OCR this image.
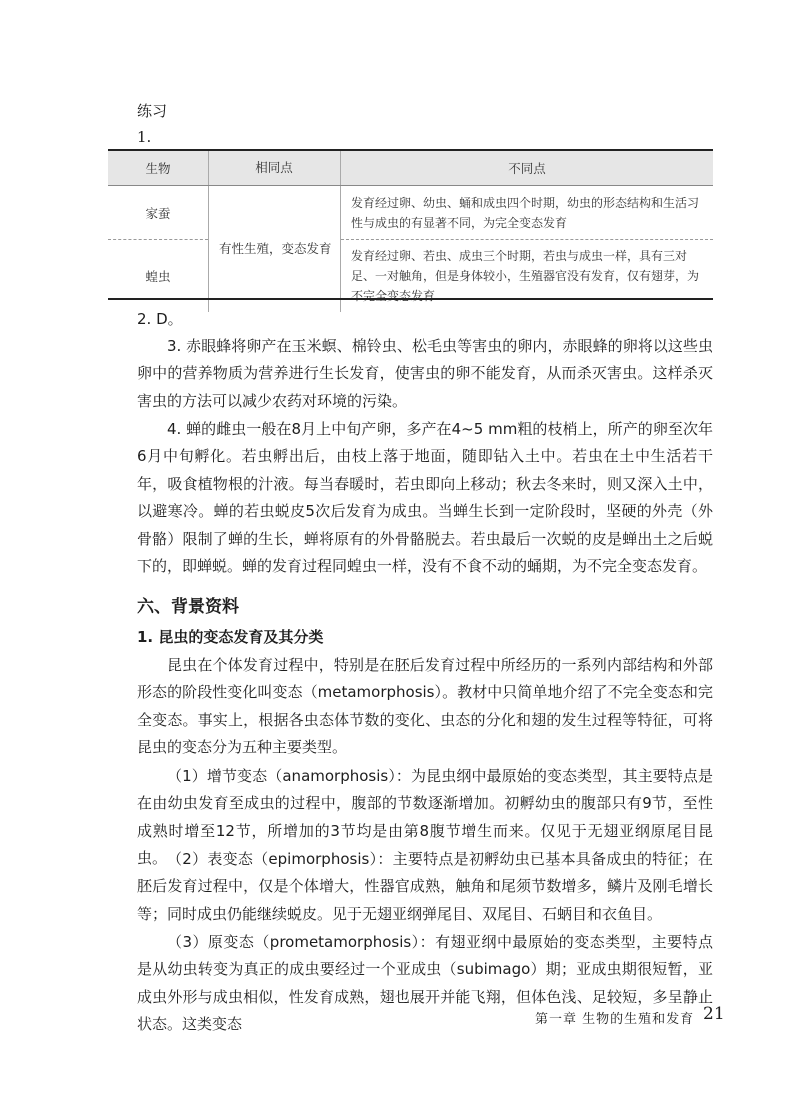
练习

1.

生物	相同点	不同点
家蚕	有性生殖，变态发育	发育经过卵、幼虫、蛹和成虫四个时期，幼虫的形态结构和生活习性与成虫的有显著不同，为完全变态发育
蝗虫		发育经过卵、若虫、成虫三个时期，若虫与成虫一样，具有三对足、一对触角，但是身体较小，生殖器官没有发育，仅有翅芽，为不完全变态发育

2. D。

3. 赤眼蜂将卵产在玉米螟、棉铃虫、松毛虫等害虫的卵内，赤眼蜂的卵将以这些虫卵中的营养物质为营养进行生长发育，使害虫的卵不能发育，从而杀灭害虫。这样杀灭害虫的方法可以减少农药对环境的污染。

4. 蝉的雌虫一般在8月上中旬产卵，多产在4~5 mm粗的枝梢上，所产的卵至次年6月中旬孵化。若虫孵出后，由枝上落于地面，随即钻入土中。若虫在土中生活若干年，吸食植物根的汁液。每当春暖时，若虫即向上移动；秋去冬来时，则又深入土中，以避寒冷。蝉的若虫蜕皮5次后发育为成虫。当蝉生长到一定阶段时，坚硬的外壳（外骨骼）限制了蝉的生长，蝉将原有的外骨骼脱去。若虫最后一次蜕的皮是蝉出土之后蜕下的，即蝉蜕。蝉的发育过程同蝗虫一样，没有不食不动的蛹期，为不完全变态发育。

六、背景资料

1. 昆虫的变态发育及其分类

昆虫在个体发育过程中，特别是在胚后发育过程中所经历的一系列内部结构和外部形态的阶段性变化叫变态（metamorphosis）。教材中只简单地介绍了不完全变态和完全变态。事实上，根据各虫态体节数的变化、虫态的分化和翅的发生过程等特征，可将昆虫的变态分为五种主要类型。

（1）增节变态（anamorphosis）：为昆虫纲中最原始的变态类型，其主要特点是在由幼虫发育至成虫的过程中，腹部的节数逐渐增加。初孵幼虫的腹部只有9节，至性成熟时增至12节，所增加的3节均是由第8腹节增生而来。仅见于无翅亚纲原尾目昆虫。 （2）表变态（epimorphosis）：主要特点是初孵幼虫已基本具备成虫的特征；在胚后发育过程中，仅是个体增大，性器官成熟，触角和尾须节数增多，鳞片及刚毛增长等；同时成虫仍能继续蜕皮。见于无翅亚纲弹尾目、双尾目、石蛃目和衣鱼目。

（3）原变态（prometamorphosis）：有翅亚纲中最原始的变态类型，主要特点是从幼虫转变为真正的成虫要经过一个亚成虫（subimago）期；亚成虫期很短暂，亚成虫外形与成虫相似，性发育成熟，翅也展开并能飞翔，但体色浅、足较短，多呈静止状态。这类变态	第一章 生物的生殖和发育 21
